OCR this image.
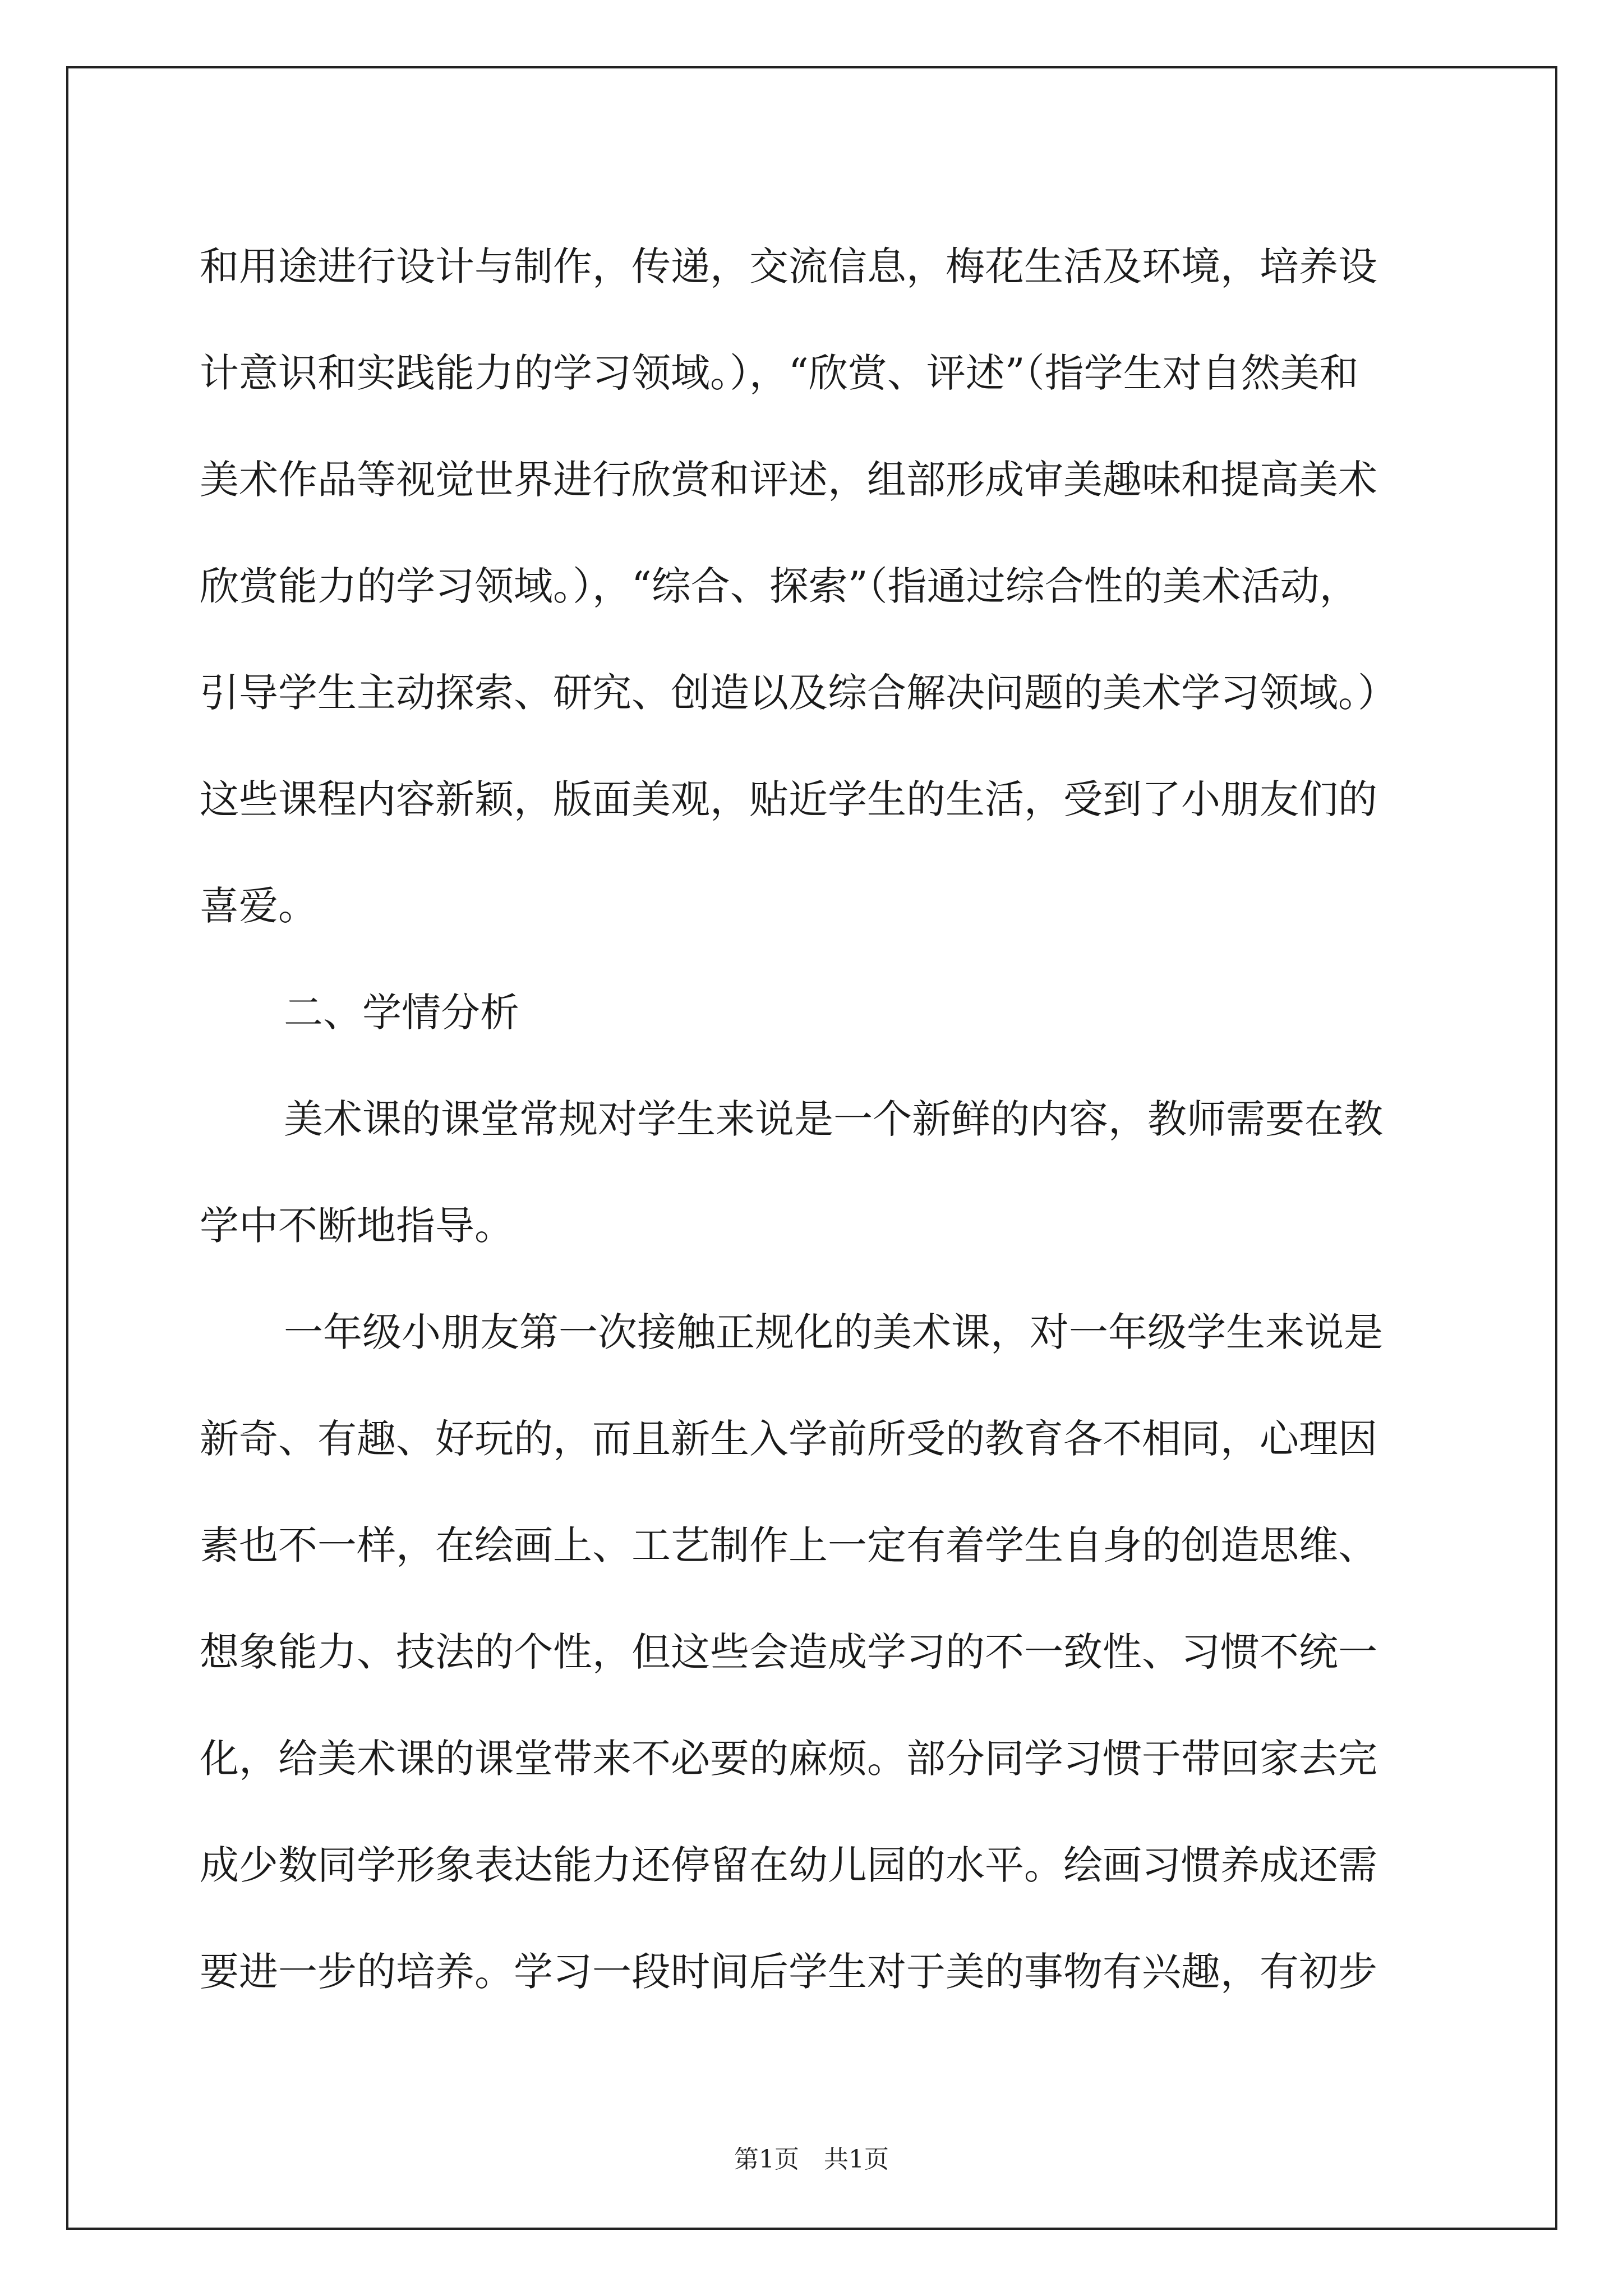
和用途进行设计与制作，传递，交流信息，梅花生活及环境，培养设
计意识和实践能力的学习领域。），“欣赏、评述”（指学生对自然美和
美术作品等视觉世界进行欣赏和评述，组部形成审美趣味和提高美术
欣赏能力的学习领域。），“综合、探索”（指通过综合性的美术活动，
引导学生主动探索、研究、创造以及综合解决问题的美术学习领域。）
这些课程内容新颖，版面美观，贴近学生的生活，受到了小朋友们的
喜爱。
二、学情分析
美术课的课堂常规对学生来说是一个新鲜的内容，教师需要在教
学中不断地指导。
一年级小朋友第一次接触正规化的美术课，对一年级学生来说是
新奇、有趣、好玩的，而且新生入学前所受的教育各不相同，心理因
素也不一样，在绘画上、工艺制作上一定有着学生自身的创造思维、
想象能力、技法的个性，但这些会造成学习的不一致性、习惯不统一
化，给美术课的课堂带来不必要的麻烦。部分同学习惯于带回家去完
成少数同学形象表达能力还停留在幼儿园的水平。绘画习惯养成还需
要进一步的培养。学习一段时间后学生对于美的事物有兴趣，有初步
第1页　共1页
